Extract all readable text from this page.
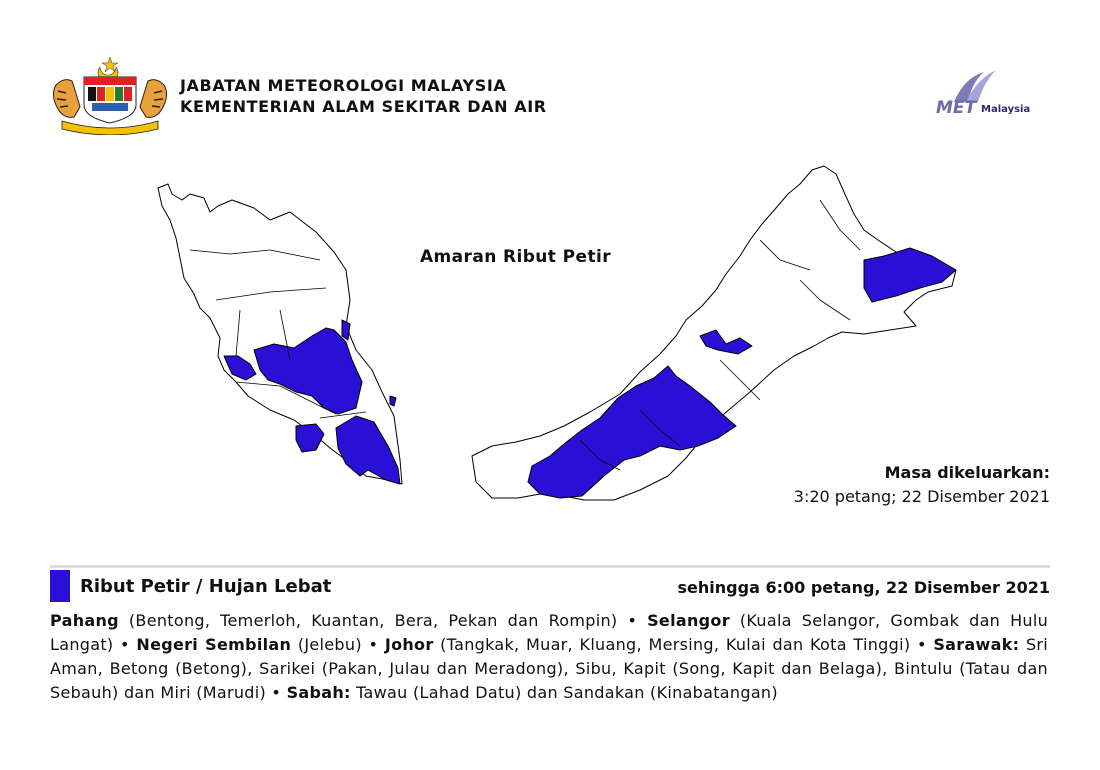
JABATAN METEOROLOGI MALAYSIA
KEMENTERIAN ALAM SEKITAR DAN AIR	MET Malaysia
Amaran Ribut Petir
Masa dikeluarkan:
3:20 petang; 22 Disember 2021
Ribut Petir / Hujan Lebat	sehingga 6:00 petang, 22 Disember 2021
Pahang (Bentong, Temerloh, Kuantan, Bera, Pekan dan Rompin) • Selangor (Kuala Selangor, Gombak dan Hulu Langat) • Negeri Sembilan (Jelebu) • Johor (Tangkak, Muar, Kluang, Mersing, Kulai dan Kota Tinggi) • Sarawak: Sri Aman, Betong (Betong), Sarikei (Pakan, Julau dan Meradong), Sibu, Kapit (Song, Kapit dan Belaga), Bintulu (Tatau dan Sebauh) dan Miri (Marudi) • Sabah: Tawau (Lahad Datu) dan Sandakan (Kinabatangan)
